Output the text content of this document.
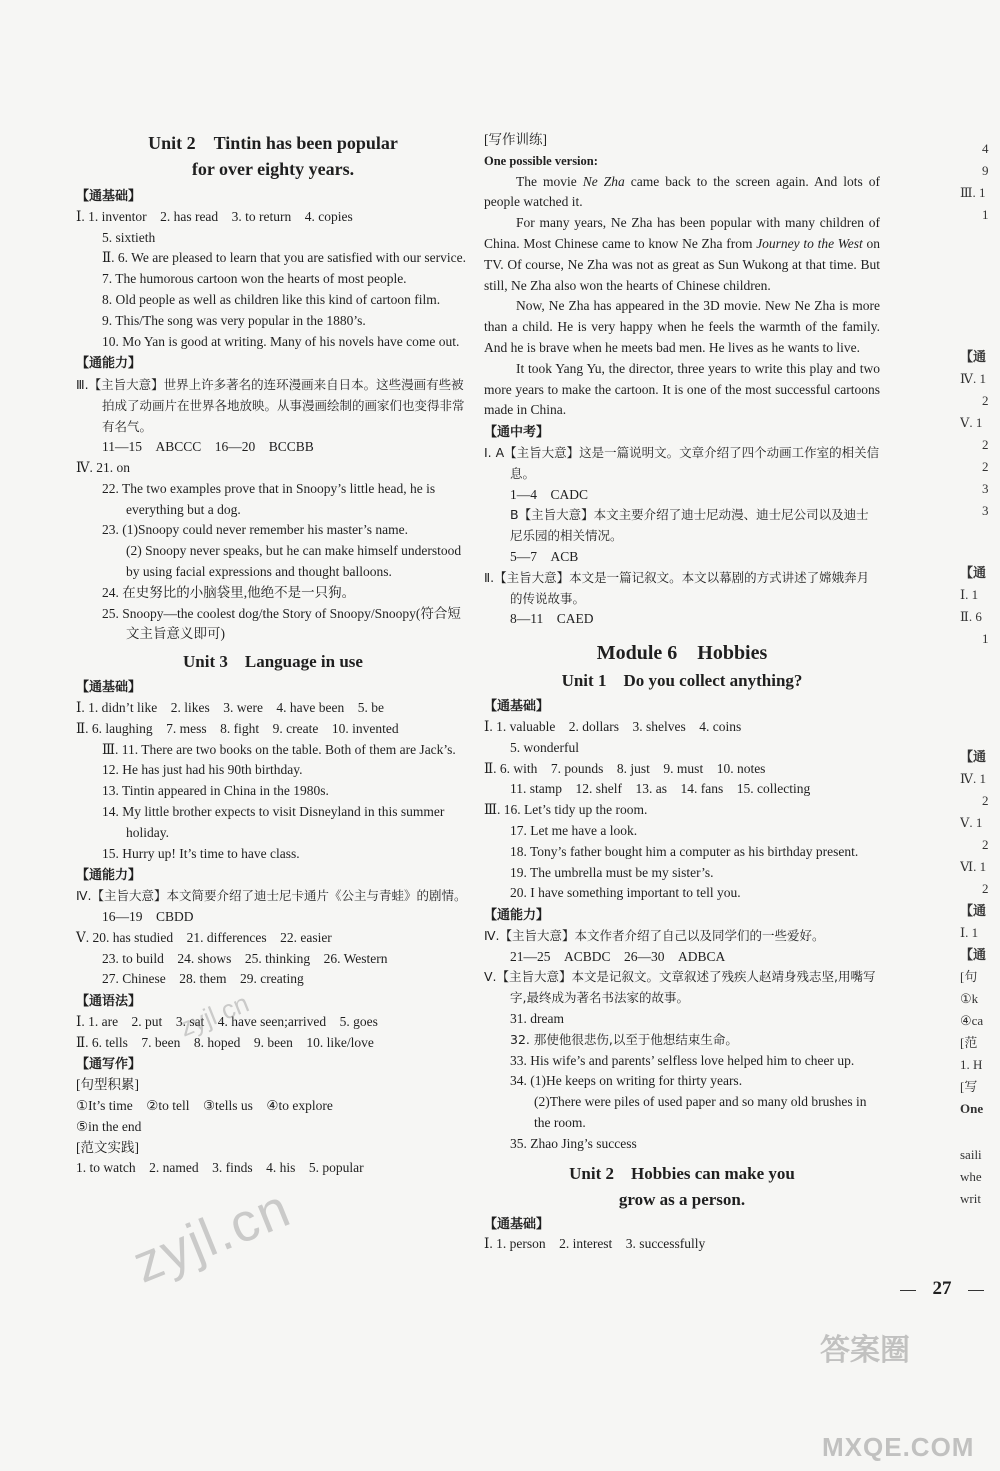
Unit 2　Tintin has been popular
for over eighty years.
【通基础】
Ⅰ. 1. inventor　2. has read　3. to return　4. copies
5. sixtieth
Ⅱ. 6. We are pleased to learn that you are satisfied with our service.
7. The humorous cartoon won the hearts of most people.
8. Old people as well as children like this kind of cartoon film.
9. This/The song was very popular in the 1880’s.
10. Mo Yan is good at writing. Many of his novels have come out.
【通能力】
Ⅲ.【主旨大意】世界上许多著名的连环漫画来自日本。这些漫画有些被拍成了动画片在世界各地放映。从事漫画绘制的画家们也变得非常有名气。
11—15　ABCCC　16—20　BCCBB
Ⅳ. 21. on
22. The two examples prove that in Snoopy’s little head, he is everything but a dog.
23. (1)Snoopy could never remember his master’s name.
(2) Snoopy never speaks, but he can make himself understood by using facial expressions and thought balloons.
24. 在史努比的小脑袋里,他绝不是一只狗。
25. Snoopy—the coolest dog/the Story of Snoopy/Snoopy(符合短文主旨意义即可)
Unit 3　Language in use
【通基础】
Ⅰ. 1. didn’t like　2. likes　3. were　4. have been　5. be
Ⅱ. 6. laughing　7. mess　8. fight　9. create　10. invented
Ⅲ. 11. There are two books on the table. Both of them are Jack’s.
12. He has just had his 90th birthday.
13. Tintin appeared in China in the 1980s.
14. My little brother expects to visit Disneyland in this summer holiday.
15. Hurry up! It’s time to have class.
【通能力】
Ⅳ.【主旨大意】本文简要介绍了迪士尼卡通片《公主与青蛙》的剧情。
16—19　CBDD
Ⅴ. 20. has studied　21. differences　22. easier
23. to build　24. shows　25. thinking　26. Western
27. Chinese　28. them　29. creating
【通语法】
Ⅰ. 1. are　2. put　3. sat　4. have seen;arrived　5. goes
Ⅱ. 6. tells　7. been　8. hoped　9. been　10. like/love
【通写作】
[句型积累]
①It’s time　②to tell　③tells us　④to explore
⑤in the end
[范文实践]
1. to watch　2. named　3. finds　4. his　5. popular
[写作训练]
One possible version:
The movie Ne Zha came back to the screen again. And lots of people watched it.
For many years, Ne Zha has been popular with many children of China. Most Chinese came to know Ne Zha from Journey to the West on TV. Of course, Ne Zha was not as great as Sun Wukong at that time. But still, Ne Zha also won the hearts of Chinese children.
Now, Ne Zha has appeared in the 3D movie. New Ne Zha is more than a child. He is very happy when he feels the warmth of the family. And he is brave when he meets bad men. He lives as he wants to live.
It took Yang Yu, the director, three years to write this play and two more years to make the cartoon. It is one of the most successful cartoons made in China.
【通中考】
Ⅰ. A【主旨大意】这是一篇说明文。文章介绍了四个动画工作室的相关信息。
1—4　CADC
B【主旨大意】本文主要介绍了迪士尼动漫、迪士尼公司以及迪士尼乐园的相关情况。
5—7　ACB
Ⅱ.【主旨大意】本文是一篇记叙文。本文以幕剧的方式讲述了嫦娥奔月的传说故事。
8—11　CAED
Module 6　Hobbies
Unit 1　Do you collect anything?
【通基础】
Ⅰ. 1. valuable　2. dollars　3. shelves　4. coins
5. wonderful
Ⅱ. 6. with　7. pounds　8. just　9. must　10. notes
11. stamp　12. shelf　13. as　14. fans　15. collecting
Ⅲ. 16. Let’s tidy up the room.
17. Let me have a look.
18. Tony’s father bought him a computer as his birthday present.
19. The umbrella must be my sister’s.
20. I have something important to tell you.
【通能力】
Ⅳ.【主旨大意】本文作者介绍了自己以及同学们的一些爱好。
21—25　ACBDC　26—30　ADBCA
Ⅴ.【主旨大意】本文是记叙文。文章叙述了残疾人赵靖身残志坚,用嘴写字,最终成为著名书法家的故事。
31. dream
32. 那使他很悲伤,以至于他想结束生命。
33. His wife’s and parents’ selfless love helped him to cheer up.
34. (1)He keeps on writing for thirty years.
(2)There were piles of used paper and so many old brushes in the room.
35. Zhao Jing’s success
Unit 2　Hobbies can make you
grow as a person.
【通基础】
Ⅰ. 1. person　2. interest　3. successfully
4
9
Ⅲ. 1
1
【通
Ⅳ. 1
2
Ⅴ. 1
2
2
3
3
【通
Ⅰ. 1
Ⅱ. 6
1
【通
Ⅳ. 1
2
Ⅴ. 1
2
Ⅵ. 1
2
【通
Ⅰ. 1
【通
[句
①k
④ca
[范
1. H
[写
One
saili
whe
writ
27
zyjl.cn
zyjl.cn
答案圈
MXQE.COM
